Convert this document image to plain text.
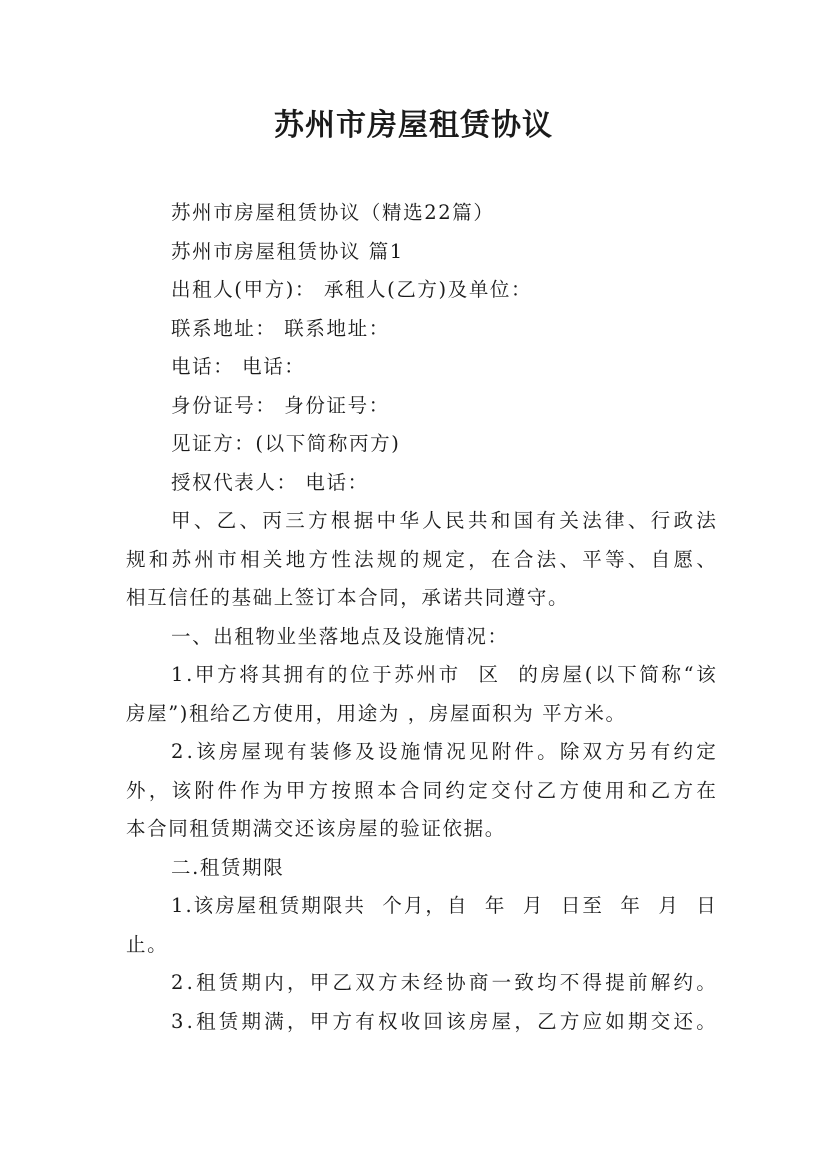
苏州市房屋租赁协议
苏州市房屋租赁协议（精选22篇）
苏州市房屋租赁协议 篇1
出租人(甲方)： 承租人(乙方)及单位：
联系地址： 联系地址：
电话： 电话：
身份证号： 身份证号：
见证方：(以下简称丙方)
授权代表人： 电话：
甲 、 乙 、 丙 三 方 根 据 中 华 人 民 共 和 国 有 关 法 律 、 行 政 法
规 和 苏 州 市 相 关 地 方 性 法 规 的 规 定 ， 在 合 法 、 平 等 、 自 愿 、
相互信任的基础上签订本合同，承诺共同遵守。
一、出租物业坐落地点及设施情况：
1 . 甲 方 将 其 拥 有 的 位 于 苏 州 市

区

的 房 屋 ( 以 下 简 称 “ 该
房屋”)租给乙方使用，用途为 ，房屋面积为 平方米。
2 . 该 房 屋 现 有 装 修 及 设 施 情 况 见 附 件 。 除 双 方 另 有 约 定
外 ， 该 附 件 作 为 甲 方 按 照 本 合 同 约 定 交 付 乙 方 使 用 和 乙 方 在
本合同租赁期满交还该房屋的验证依据。
二.租赁期限
1 . 该 房 屋 租 赁 期 限 共

个 月 ， 自

年

月

日 至

年

月

日
止。
2 . 租 赁 期 内 ， 甲 乙 双 方 未 经 协 商 一 致 均 不 得 提 前 解 约 。
3 . 租 赁 期 满 ， 甲 方 有 权 收 回 该 房 屋 ， 乙 方 应 如 期 交 还 。
